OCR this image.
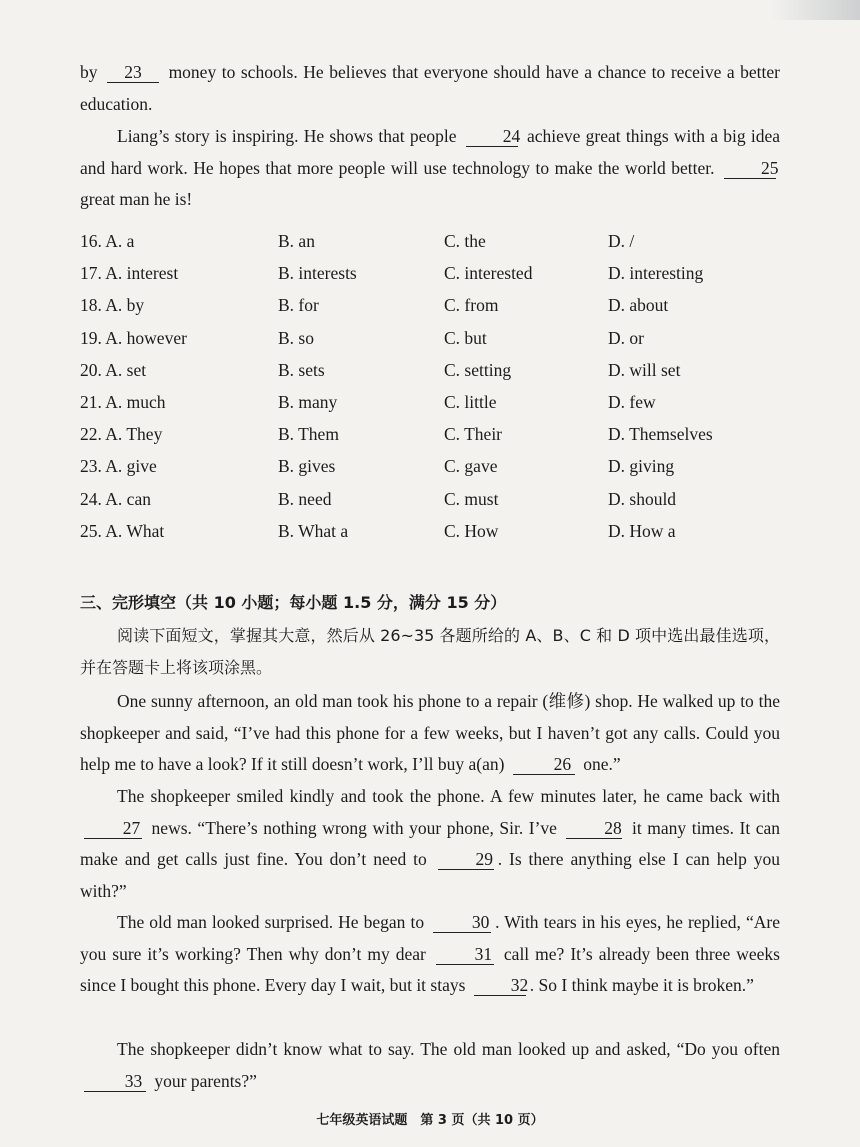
by 23 money to schools. He believes that everyone should have a chance to receive a better education.

Liang’s story is inspiring. He shows that people	24 achieve great things with a big idea and hard work. He hopes that more people will use technology to make the world better.	25 great man he is!

16. A. a	B. an	C. the	D. /
17. A. interest	B. interests	C. interested	D. interesting
18. A. by	B. for	C. from	D. about
19. A. however	B. so	C. but	D. or
20. A. set	B. sets	C. setting	D. will set
21. A. much	B. many	C. little	D. few
22. A. They	B. Them	C. Their	D. Themselves
23. A. give	B. gives	C. gave	D. giving
24. A. can	B. need	C. must	D. should
25. A. What	B. What a	C. How	D. How a
三、完形填空（共 10 小题；每小题 1.5 分，满分 15 分）

阅读下面短文，掌握其大意，然后从 26~35 各题所给的 A、B、C 和 D 项中选出最佳选项，并在答题卡上将该项涂黑。

One sunny afternoon, an old man took his phone to a repair (维修) shop. He walked up to the shopkeeper and said, “I’ve had this phone for a few weeks, but I haven’t got any calls. Could you help me to have a look? If it still doesn’t work, I’ll buy a(an)	26 one.”

The shopkeeper smiled kindly and took the phone. A few minutes later, he came back with 27 news. “There’s nothing wrong with your phone, Sir. I’ve	28 it many times. It can make and get calls just fine. You don’t need to	29 . Is there anything else I can help you with?”

The old man looked surprised. He began to	30 . With tears in his eyes, he replied, “Are you sure it’s working? Then why don’t my dear	31 call me? It’s already been three weeks since I bought this phone. Every day I wait, but it stays	32. So I think maybe it is broken.”

The shopkeeper didn’t know what to say. The old man looked up and asked, “Do you often 33 your parents?”

七年级英语试题　第 3 页（共 10 页）
